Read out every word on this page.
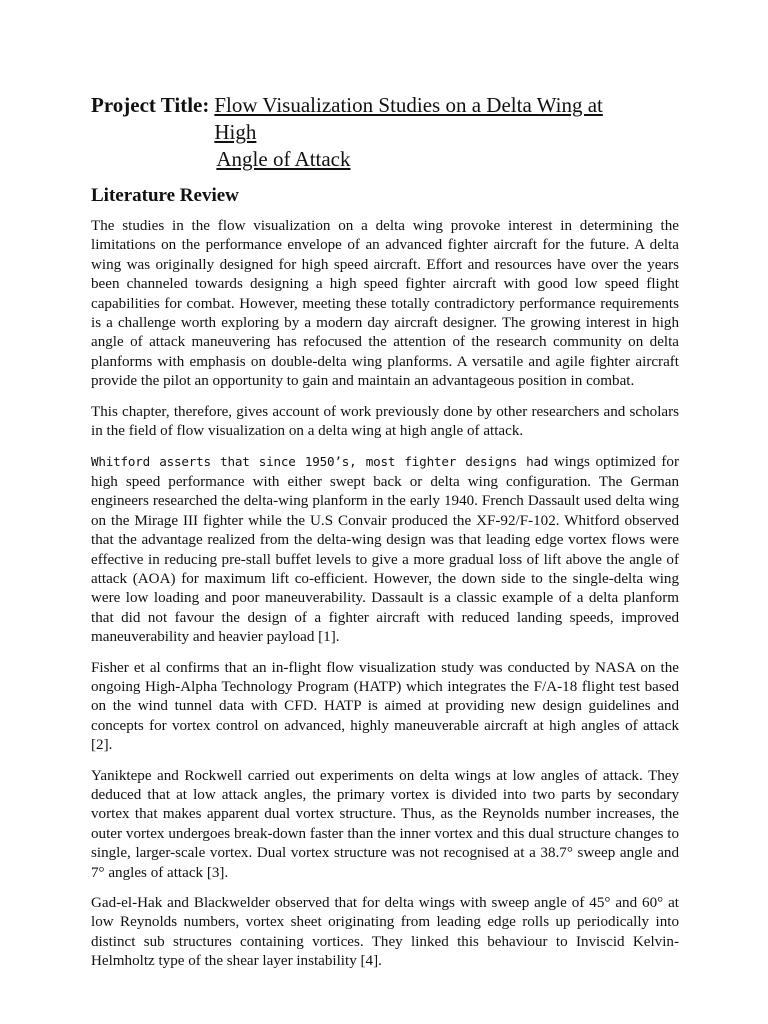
Project Title: Flow Visualization Studies on a Delta Wing at High
Angle of Attack
Literature Review

The studies in the flow visualization on a delta wing provoke interest in determining the limitations on the performance envelope of an advanced fighter aircraft for the future. A delta wing was originally designed for high speed aircraft. Effort and resources have over the years been channeled towards designing a high speed fighter aircraft with good low speed flight capabilities for combat. However, meeting these totally contradictory performance requirements is a challenge worth exploring by a modern day aircraft designer. The growing interest in high angle of attack maneuvering has refocused the attention of the research community on delta planforms with emphasis on double-delta wing planforms. A versatile and agile fighter aircraft provide the pilot an opportunity to gain and maintain an advantageous position in combat.

This chapter, therefore, gives account of work previously done by other researchers and scholars in the field of flow visualization on a delta wing at high angle of attack.

Whitford asserts that since 1950’s, most fighter designs had wings optimized for high speed performance with either swept back or delta wing configuration. The German engineers researched the delta-wing planform in the early 1940. French Dassault used delta wing on the Mirage III fighter while the U.S Convair produced the XF-92/F-102. Whitford observed that the advantage realized from the delta-wing design was that leading edge vortex flows were effective in reducing pre-stall buffet levels to give a more gradual loss of lift above the angle of attack (AOA) for maximum lift co-efficient. However, the down side to the single-delta wing were low loading and poor maneuverability. Dassault is a classic example of a delta planform that did not favour the design of a fighter aircraft with reduced landing speeds, improved maneuverability and heavier payload [1].

Fisher et al confirms that an in-flight flow visualization study was conducted by NASA on the ongoing High-Alpha Technology Program (HATP) which integrates the F/A-18 flight test based on the wind tunnel data with CFD. HATP is aimed at providing new design guidelines and concepts for vortex control on advanced, highly maneuverable aircraft at high angles of attack [2].

Yaniktepe and Rockwell carried out experiments on delta wings at low angles of attack. They deduced that at low attack angles, the primary vortex is divided into two parts by secondary vortex that makes apparent dual vortex structure. Thus, as the Reynolds number increases, the outer vortex undergoes break-down faster than the inner vortex and this dual structure changes to single, larger-scale vortex. Dual vortex structure was not recognised at a 38.7° sweep angle and 7° angles of attack [3].

Gad-el-Hak and Blackwelder observed that for delta wings with sweep angle of 45° and 60° at low Reynolds numbers, vortex sheet originating from leading edge rolls up periodically into distinct sub structures containing vortices. They linked this behaviour to Inviscid Kelvin-Helmholtz type of the shear layer instability [4].
